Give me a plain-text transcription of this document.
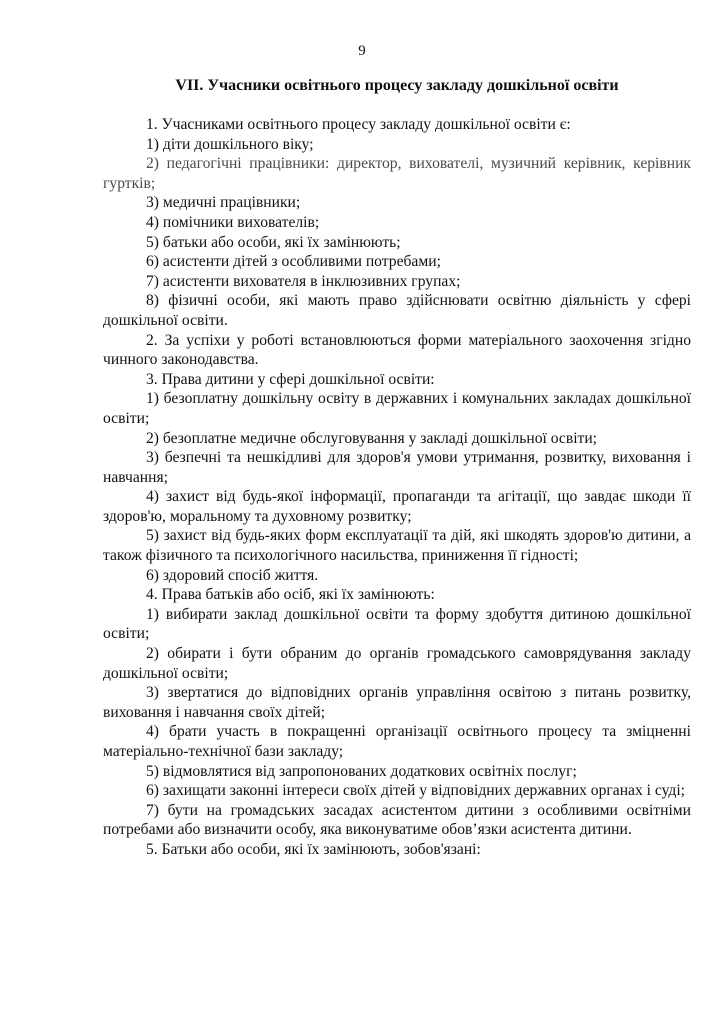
9
VII. Учасники освітнього процесу закладу дошкільної освіти

1. Учасниками освітнього процесу закладу дошкільної освіти є:

1) діти дошкільного віку;

2) педагогічні працівники: директор, вихователі, музичний керівник, керівник гуртків;

3) медичні працівники;

4) помічники вихователів;

5) батьки або особи, які їх замінюють;

6) асистенти дітей з особливими потребами;

7) асистенти вихователя в інклюзивних групах;

8) фізичні особи, які мають право здійснювати освітню діяльність у сфері дошкільної освіти.

2. За успіхи у роботі встановлюються форми матеріального заохочення згідно чинного законодавства.

3. Права дитини у сфері дошкільної освіти:

1) безоплатну дошкільну освіту в державних і комунальних закладах дошкільної освіти;

2) безоплатне медичне обслуговування у закладі дошкільної освіти;

3) безпечні та нешкідливі для здоров'я умови утримання, розвитку, виховання і навчання;

4) захист від будь-якої інформації, пропаганди та агітації, що завдає шкоди її здоров'ю, моральному та духовному розвитку;

5) захист від будь-яких форм експлуатації та дій, які шкодять здоров'ю дитини, а також фізичного та психологічного насильства, приниження її гідності;

6) здоровий спосіб життя.

4. Права батьків або осіб, які їх замінюють:

1) вибирати заклад дошкільної освіти та форму здобуття дитиною дошкільної освіти;

2) обирати і бути обраним до органів громадського самоврядування закладу дошкільної освіти;

3) звертатися до відповідних органів управління освітою з питань розвитку, виховання і навчання своїх дітей;

4) брати участь в покращенні організації освітнього процесу та зміцненні матеріально-технічної бази закладу;

5) відмовлятися від запропонованих додаткових освітніх послуг;

6) захищати законні інтереси своїх дітей у відповідних державних органах і суді;

7) бути на громадських засадах асистентом дитини з особливими освітніми потребами або визначити особу, яка виконуватиме обов’язки асистента дитини.

5. Батьки або особи, які їх замінюють, зобов'язані:
